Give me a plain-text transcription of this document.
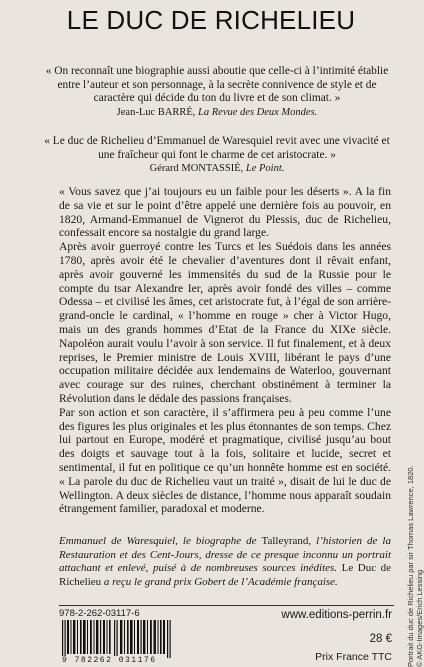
LE DUC DE RICHELIEU
« On reconnaît une biographie aussi aboutie que celle-ci à l’intimité établie entre l’auteur et son personnage, à la secrète connivence de style et de caractère qui décide du ton du livre et de son climat. »
Jean-Luc BARRÉ, La Revue des Deux Mondes.
« Le duc de Richelieu d’Emmanuel de Waresquiel revit avec une vivacité et une fraîcheur qui font le charme de cet aristocrate. »
Gérard MONTASSIÉ, Le Point.

« Vous savez que j’ai toujours eu un faible pour les déserts ». A la fin de sa vie et sur le point d’être appelé une dernière fois au pouvoir, en 1820, Armand-Emmanuel de Vignerot du Plessis, duc de Richelieu, confessait encore sa nostalgie du grand large.

Après avoir guerroyé contre les Turcs et les Suédois dans les années 1780, après avoir été le chevalier d’aventures dont il rêvait enfant, après avoir gouverné les immensités du sud de la Russie pour le compte du tsar Alexandre Ier, après avoir fondé des villes – comme Odessa – et civilisé les âmes, cet aristocrate fut, à l’égal de son arrière-grand-oncle le cardinal, « l’homme en rouge » cher à Victor Hugo, mais un des grands hommes d’Etat de la France du XIXe siècle. Napoléon aurait voulu l’avoir à son service. Il fut finalement, et à deux reprises, le Premier ministre de Louis XVIII, libérant le pays d’une occupation militaire décidée aux lendemains de Waterloo, gouvernant avec courage sur des ruines, cherchant obstinément à terminer la Révolution dans le dédale des passions françaises.

Par son action et son caractère, il s’affirmera peu à peu comme l’une des figures les plus originales et les plus étonnantes de son temps. Chez lui partout en Europe, modéré et pragmatique, civilisé jusqu’au bout des doigts et sauvage tout à la fois, solitaire et lucide, secret et sentimental, il fut en politique ce qu’un honnête homme est en société. « La parole du duc de Richelieu vaut un traité », disait de lui le duc de Wellington. A deux siècles de distance, l’homme nous apparaît soudain étrangement familier, paradoxal et moderne.

Emmanuel de Waresquiel, le biographe de Talleyrand, l’historien de la Restauration et des Cent-Jours, dresse de ce presque inconnu un portrait attachant et enlevé, puisé à de nombreuses sources inédites. Le Duc de Richelieu a reçu le grand prix Gobert de l’Académie française.
978-2-262-03117-6
9 782262 031176
www.editions-perrin.fr
28 €
Prix France TTC Portrait du duc de Richelieu par sir Thomas Lawrence, 1820. © AKG-Images/Erich Lessing
